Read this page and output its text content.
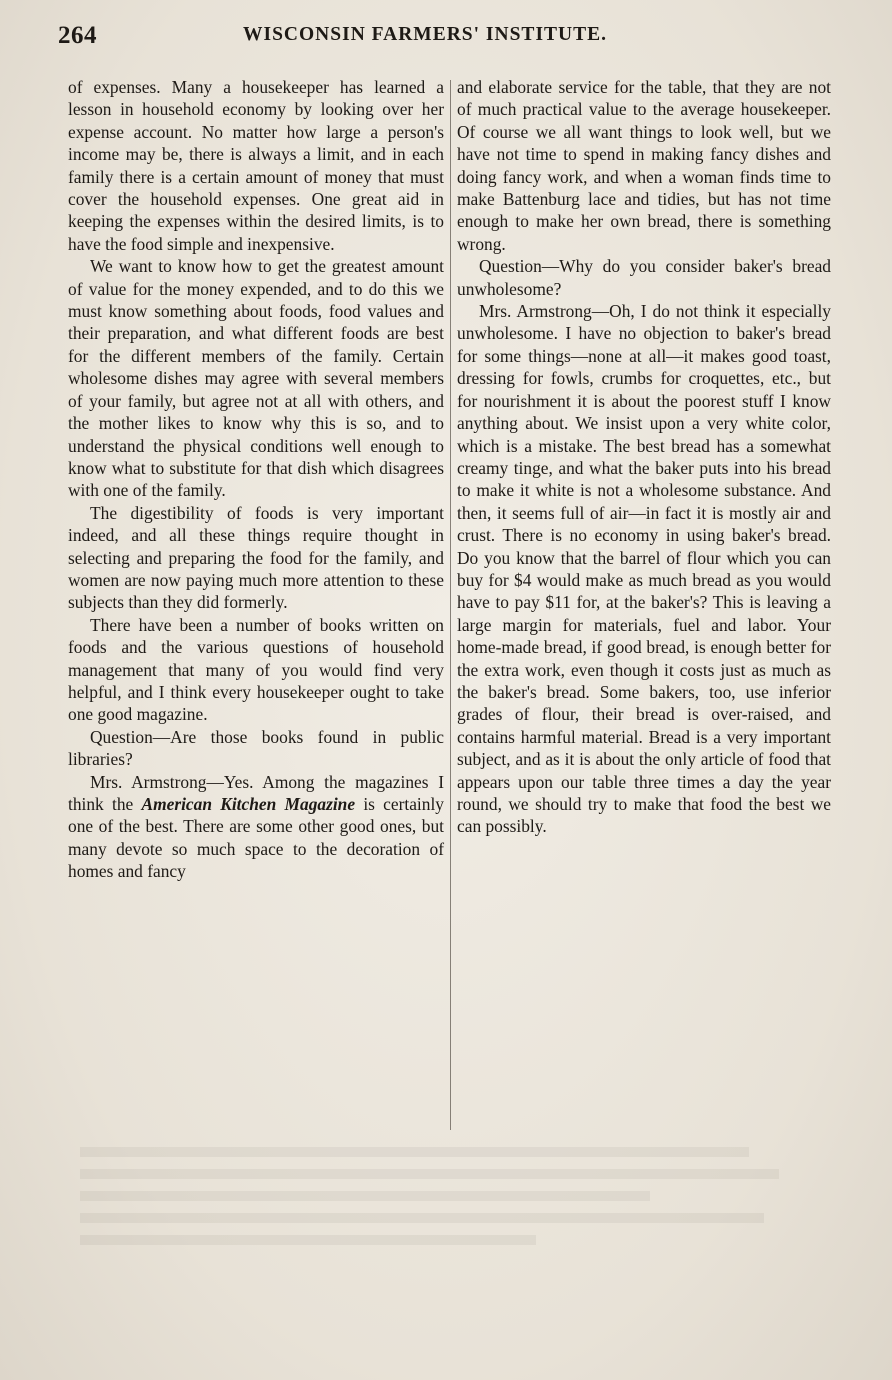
264	WISCONSIN FARMERS' INSTITUTE.

of expenses. Many a housekeeper has learned a lesson in household economy by looking over her expense account. No matter how large a person's income may be, there is always a limit, and in each family there is a certain amount of money that must cover the household expenses. One great aid in keeping the expenses within the desired limits, is to have the food simple and inexpensive.

We want to know how to get the greatest amount of value for the money expended, and to do this we must know something about foods, food values and their preparation, and what different foods are best for the different members of the family. Certain wholesome dishes may agree with several members of your family, but agree not at all with others, and the mother likes to know why this is so, and to understand the physical conditions well enough to know what to substitute for that dish which disagrees with one of the family.

The digestibility of foods is very important indeed, and all these things require thought in selecting and preparing the food for the family, and women are now paying much more attention to these subjects than they did formerly.

There have been a number of books written on foods and the various questions of household management that many of you would find very helpful, and I think every housekeeper ought to take one good magazine.

Question—Are those books found in public libraries?

Mrs. Armstrong—Yes. Among the magazines I think the American Kitchen Magazine is certainly one of the best. There are some other good ones, but many devote so much space to the decoration of homes and fancy

and elaborate service for the table, that they are not of much practical value to the average housekeeper. Of course we all want things to look well, but we have not time to spend in making fancy dishes and doing fancy work, and when a woman finds time to make Battenburg lace and tidies, but has not time enough to make her own bread, there is something wrong.

Question—Why do you consider baker's bread unwholesome?

Mrs. Armstrong—Oh, I do not think it especially unwholesome. I have no objection to baker's bread for some things—none at all—it makes good toast, dressing for fowls, crumbs for croquettes, etc., but for nourishment it is about the poorest stuff I know anything about. We insist upon a very white color, which is a mistake. The best bread has a somewhat creamy tinge, and what the baker puts into his bread to make it white is not a wholesome substance. And then, it seems full of air—in fact it is mostly air and crust. There is no economy in using baker's bread. Do you know that the barrel of flour which you can buy for $4 would make as much bread as you would have to pay $11 for, at the baker's? This is leaving a large margin for materials, fuel and labor. Your home-made bread, if good bread, is enough better for the extra work, even though it costs just as much as the baker's bread. Some bakers, too, use inferior grades of flour, their bread is over-raised, and contains harmful material. Bread is a very important subject, and as it is about the only article of food that appears upon our table three times a day the year round, we should try to make that food the best we can possibly.
